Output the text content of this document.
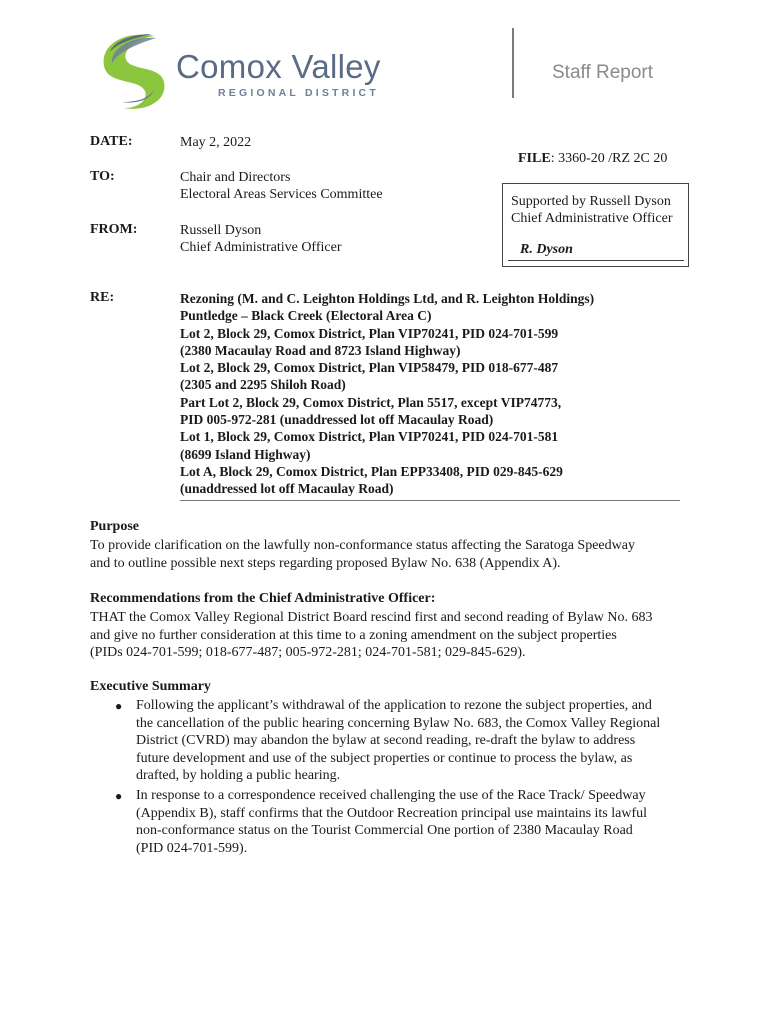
Comox Valley
REGIONAL DISTRICT
Staff Report
DATE:	May 2, 2022
FILE: 3360-20 /RZ 2C 20
TO:	Chair and Directors
Electoral Areas Services Committee
FROM:	Russell Dyson
Chief Administrative Officer
Supported by Russell Dyson
Chief Administrative Officer
R. Dyson
RE:	Rezoning (M. and C. Leighton Holdings Ltd, and R. Leighton Holdings)
Puntledge – Black Creek (Electoral Area C)
Lot 2, Block 29, Comox District, Plan VIP70241, PID 024-701-599
(2380 Macaulay Road and 8723 Island Highway)
Lot 2, Block 29, Comox District, Plan VIP58479, PID 018-677-487
(2305 and 2295 Shiloh Road)
Part Lot 2, Block 29, Comox District, Plan 5517, except VIP74773,
PID 005-972-281 (unaddressed lot off Macaulay Road)
Lot 1, Block 29, Comox District, Plan VIP70241, PID 024-701-581
(8699 Island Highway)
Lot A, Block 29, Comox District, Plan EPP33408, PID 029-845-629
(unaddressed lot off Macaulay Road)
Purpose
To provide clarification on the lawfully non-conformance status affecting the Saratoga Speedway
and to outline possible next steps regarding proposed Bylaw No. 638 (Appendix A).
Recommendations from the Chief Administrative Officer:
THAT the Comox Valley Regional District Board rescind first and second reading of Bylaw No. 683
and give no further consideration at this time to a zoning amendment on the subject properties
(PIDs 024-701-599; 018-677-487; 005-972-281; 024-701-581; 029-845-629).
Executive Summary
● Following the applicant’s withdrawal of the application to rezone the subject properties, and
the cancellation of the public hearing concerning Bylaw No. 683, the Comox Valley Regional
District (CVRD) may abandon the bylaw at second reading, re-draft the bylaw to address
future development and use of the subject properties or continue to process the bylaw, as
drafted, by holding a public hearing.
● In response to a correspondence received challenging the use of the Race Track/ Speedway
(Appendix B), staff confirms that the Outdoor Recreation principal use maintains its lawful
non-conformance status on the Tourist Commercial One portion of 2380 Macaulay Road
(PID 024-701-599).
